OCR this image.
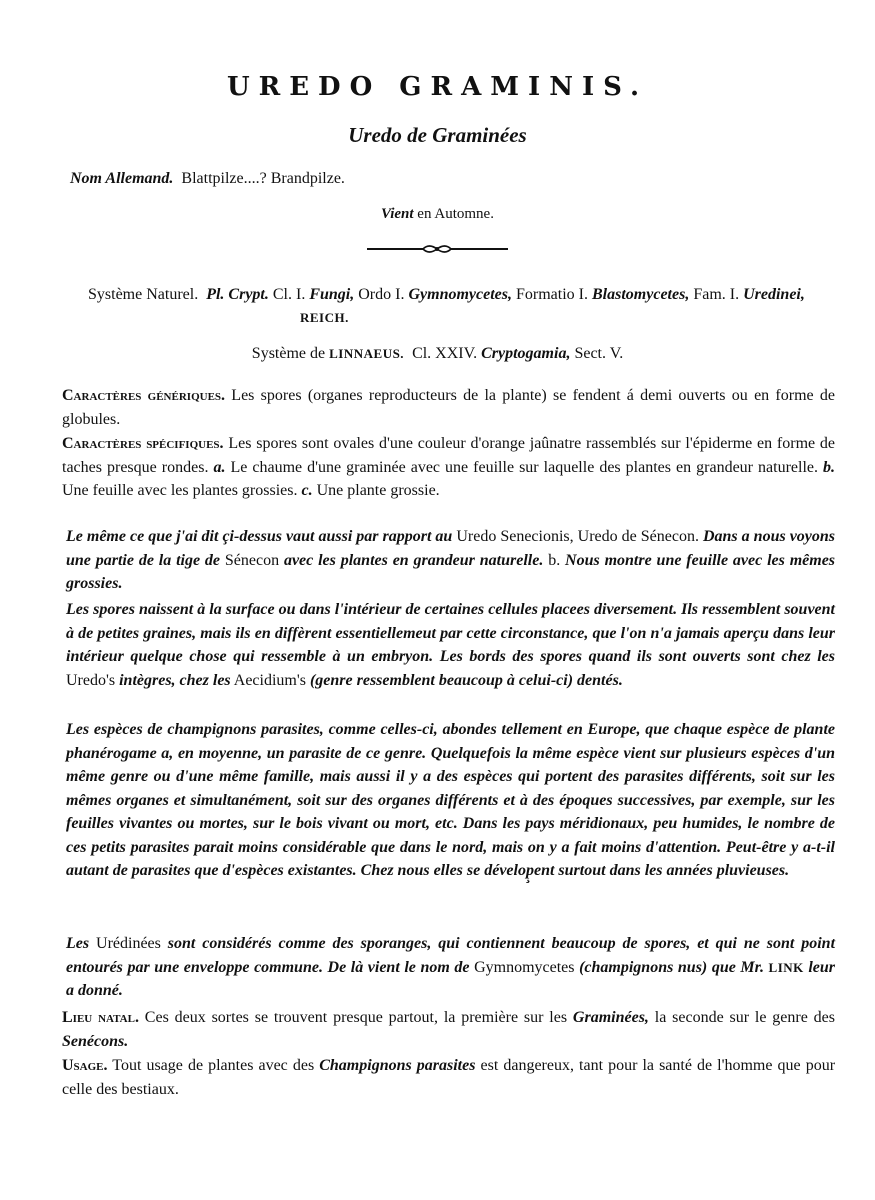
UREDO GRAMINIS.
Uredo de Graminées
Nom Allemand. Blattpilze....? Brandpilze.
Vient en Automne.
Système Naturel. Pl. Crypt. Cl. I. Fungi, Ordo I. Gymnomycetes, Formatio I. Blastomycetes, Fam. I. Uredinei, REICH.
Système de LINNAEUS. Cl. XXIV. Cryptogamia, Sect. V.

Caractères génériques. Les spores (organes reproducteurs de la plante) se fendent á demi ouverts ou en forme de globules.

Caractères spécifiques. Les spores sont ovales d'une couleur d'orange jaûnatre rassemblés sur l'épiderme en forme de taches presque rondes. a. Le chaume d'une graminée avec une feuille sur laquelle des plantes en grandeur naturelle. b. Une feuille avec les plantes grossies. c. Une plante grossie.

Le même ce que j'ai dit çi-dessus vaut aussi par rapport au Uredo Senecionis, Uredo de Sénecon. Dans a nous voyons une partie de la tige de Sénecon avec les plantes en grandeur naturelle. b. Nous montre une feuille avec les mêmes grossies.

Les spores naissent à la surface ou dans l'intérieur de certaines cellules placees diversement. Ils ressemblent souvent à de petites graines, mais ils en diffèrent essentiellemeut par cette circonstance, que l'on n'a jamais aperçu dans leur intérieur quelque chose qui ressemble à un embryon. Les bords des spores quand ils sont ouverts sont chez les Uredo's intègres, chez les Aecidium's (genre ressemblent beaucoup à celui-ci) dentés.

Les espèces de champignons parasites, comme celles-ci, abondes tellement en Europe, que chaque espèce de plante phanérogame a, en moyenne, un parasite de ce genre. Quelquefois la même espèce vient sur plusieurs espèces d'un même genre ou d'une même famille, mais aussi il y a des espèces qui portent des parasites différents, soit sur les mêmes organes et simultanément, soit sur des organes différents et à des époques successives, par exemple, sur les feuilles vivantes ou mortes, sur le bois vivant ou mort, etc. Dans les pays méridionaux, peu humides, le nombre de ces petits parasites parait moins considérable que dans le nord, mais on y a fait moins d'attention. Peut-être y a-t-il autant de parasites que d'espèces existantes. Chez nous elles se dévelop̧ent surtout dans les années pluvieuses.

Les Urédinées sont considérés comme des sporanges, qui contiennent beaucoup de spores, et qui ne sont point entourés par une enveloppe commune. De là vient le nom de Gymnomycetes (champignons nus) que Mr. LINK leur a donné.

Lieu natal. Ces deux sortes se trouvent presque partout, la première sur les Graminées, la seconde sur le genre des Senécons.

Usage. Tout usage de plantes avec des Champignons parasites est dangereux, tant pour la santé de l'homme que pour celle des bestiaux.
